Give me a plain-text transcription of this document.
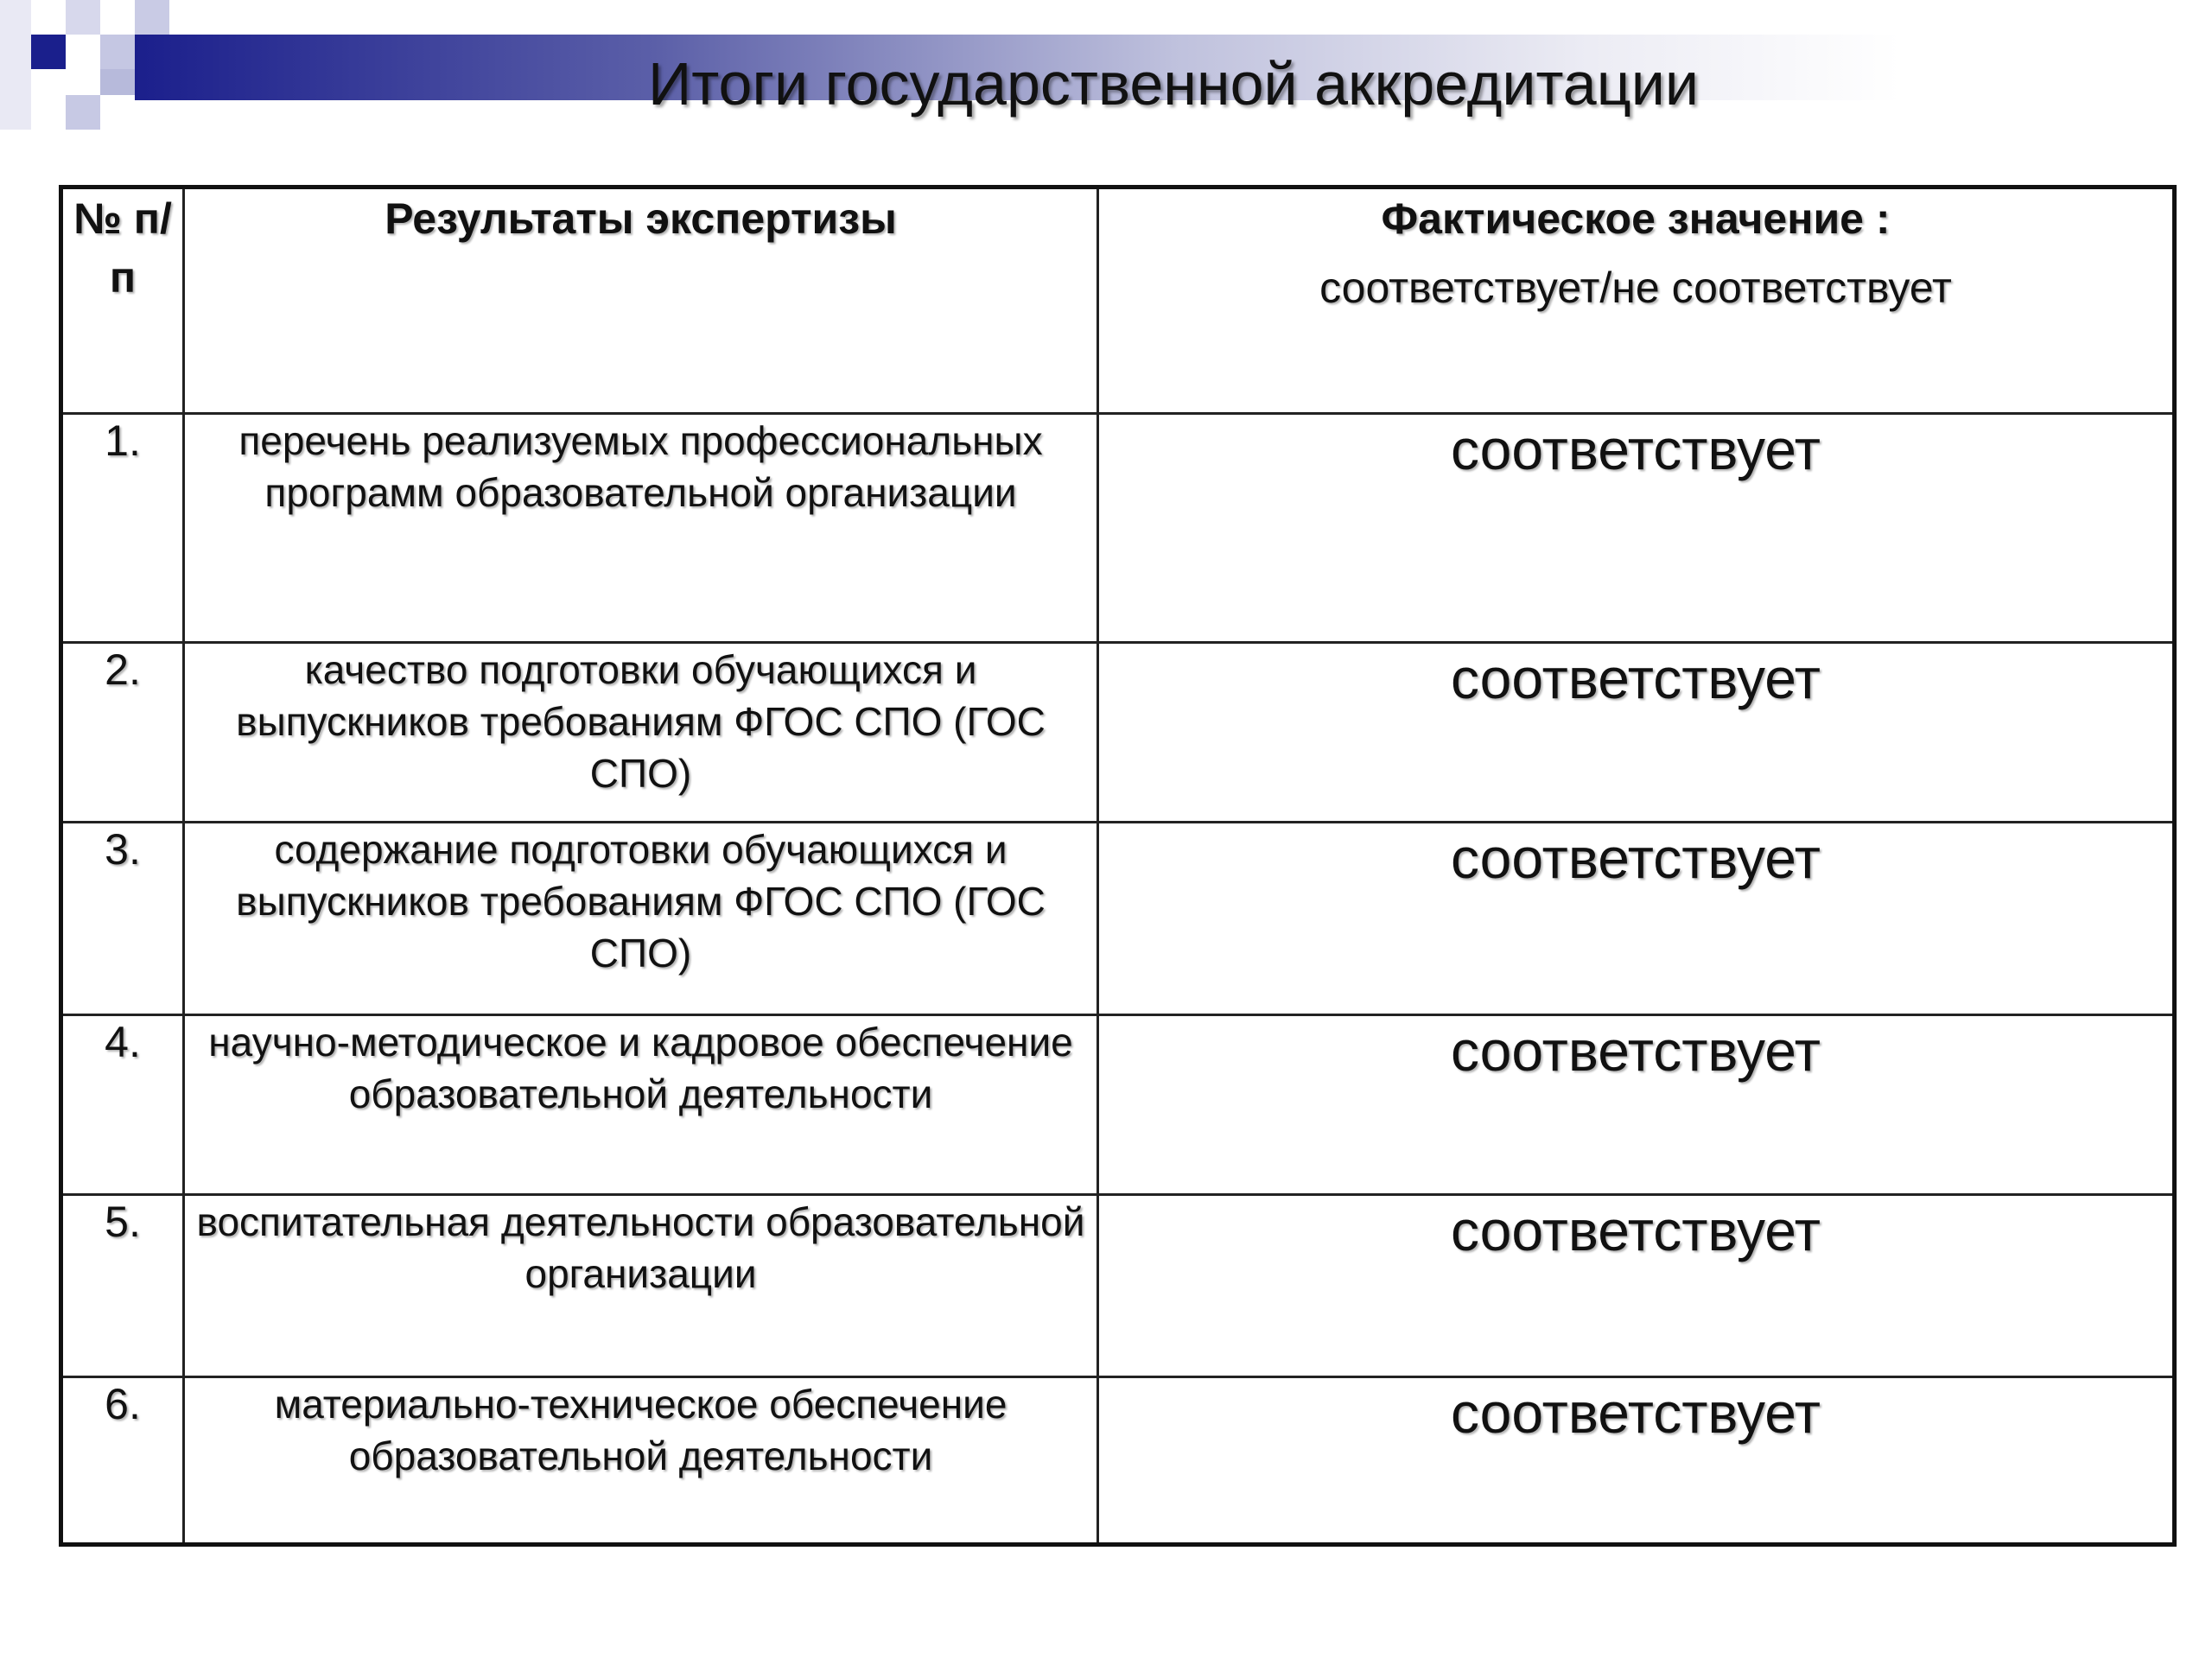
Итоги государственной аккредитации
№ п/п	Результаты экспертизы	Фактическое значение :
соответствует/не соответствует

1.	перечень реализуемых профессиональных программ образовательной организации	соответствует
2.	качество подготовки обучающихся и выпускников требованиям ФГОС СПО (ГОС СПО)	соответствует
3.	содержание подготовки обучающихся и выпускников требованиям ФГОС СПО (ГОС СПО)	соответствует
4.	научно-методическое и кадровое обеспечение образовательной деятельности	соответствует
5.	воспитательная деятельности образовательной организации	соответствует
6.	материально-техническое обеспечение образовательной деятельности	соответствует
